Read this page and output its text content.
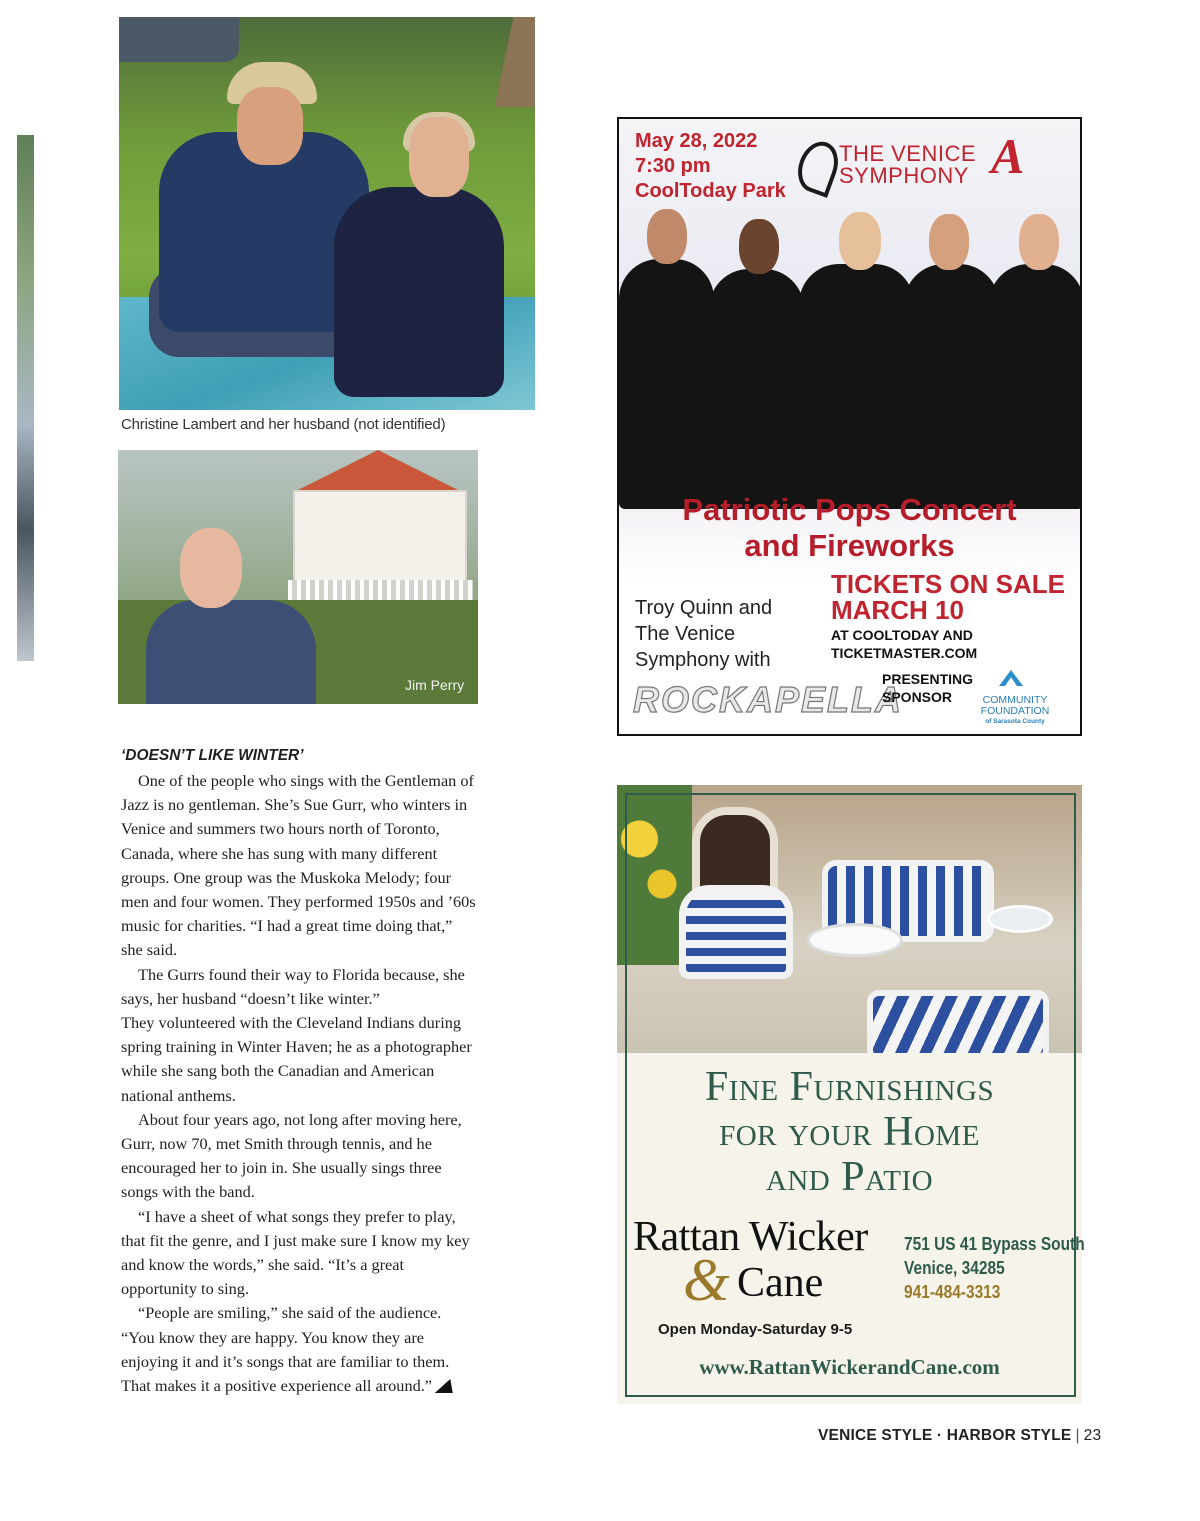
Christine Lambert and her husband (not identified)
Jim Perry
‘DOESN’T LIKE WINTER’

One of the people who sings with the Gentleman of Jazz is no gentleman. She’s Sue Gurr, who winters in Venice and summers two hours north of Toronto, Canada, where she has sung with many different groups. One group was the Muskoka Melody; four men and four women. They performed 1950s and ’60s music for charities. “I had a great time doing that,” she said.

The Gurrs found their way to Florida because, she says, her husband “doesn’t like winter.”

They volunteered with the Cleveland Indians during spring training in Winter Haven; he as a photographer while she sang both the Canadian and American national anthems.

About four years ago, not long after moving here, Gurr, now 70, met Smith through tennis, and he encouraged her to join in. She usually sings three songs with the band.

“I have a sheet of what songs they prefer to play, that fit the genre, and I just make sure I know my key and know the words,” she said. “It’s a great opportunity to sing.

“People are smiling,” she said of the audience. “You know they are happy. You know they are enjoying it and it’s songs that are familiar to them. That makes it a positive experience all around.”

May 28, 2022
7:30 pm
CoolToday Park
THE VENICE
SYMPHONY A
Patriotic Pops Concert
and Fireworks
Troy Quinn and
The Venice
Symphony with
TICKETS ON SALE
MARCH 10
AT COOLTODAY AND
TICKETMASTER.COM
ROCKAPELLA
PRESENTING
SPONSOR	COMMUNITY
FOUNDATION
of Sarasota County
Fine Furnishings
for your Home
and Patio
Rattan Wicker
& Cane
751 US 41 Bypass South
Venice, 34285
941-484-3313
Open Monday-Saturday 9-5
www.RattanWickerandCane.com
VENICE STYLE · HARBOR STYLE | 23
